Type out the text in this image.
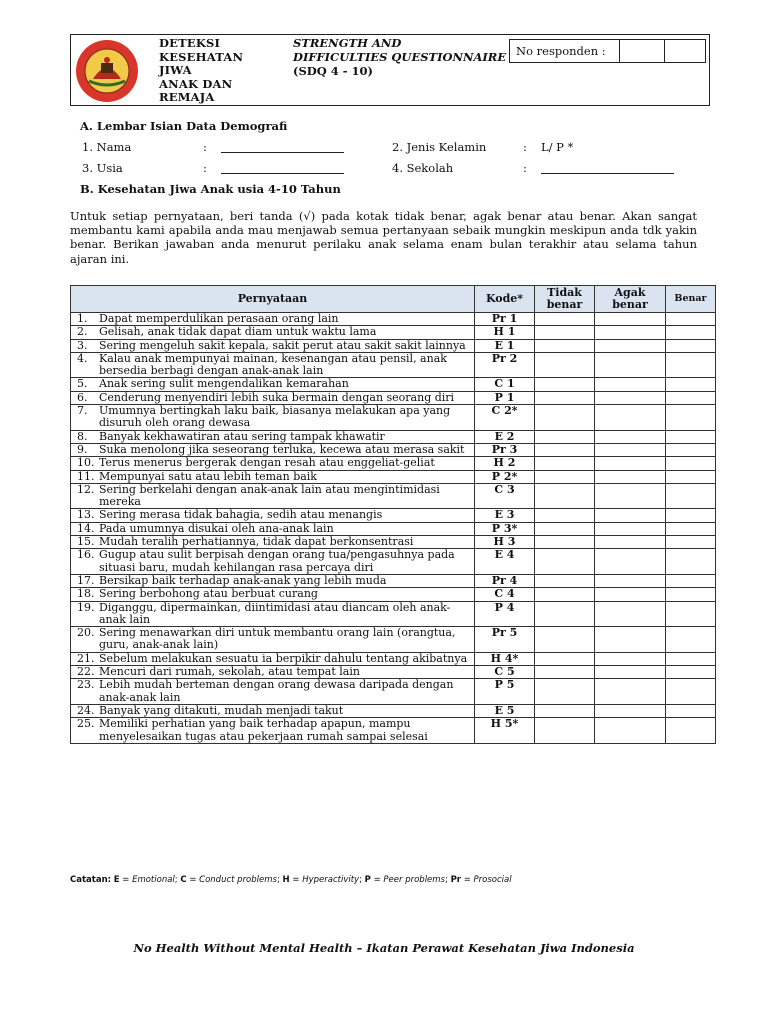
DETEKSI
KESEHATAN JIWA
ANAK DAN
REMAJA
STRENGTH AND
DIFFICULTIES QUESTIONNAIRE
(SDQ 4 - 10)
No responden :
A. Lembar Isian Data Demografi
1. Nama	:	2. Jenis Kelamin	: L/ P *
3. Usia	:	4. Sekolah	:
B. Kesehatan Jiwa Anak usia 4-10 Tahun
Untuk setiap pernyataan, beri tanda (√) pada kotak tidak benar, agak benar atau benar. Akan sangat membantu kami apabila anda mau menjawab semua pertanyaan sebaik mungkin meskipun anda tdk yakin benar. Berikan jawaban anda menurut perilaku anak selama enam bulan terakhir atau selama tahun ajaran ini.
Pernyataan	Kode*	Tidak benar	Agak benar	Benar

1. Dapat memperdulikan perasaan orang lain	Pr 1			

2. Gelisah, anak tidak dapat diam untuk waktu lama	H 1			

3. Sering mengeluh sakit kepala, sakit perut atau sakit sakit lainnya	E 1			

4. Kalau anak mempunyai mainan, kesenangan atau pensil, anak bersedia berbagi dengan anak-anak lain	Pr 2			

5. Anak sering sulit mengendalikan kemarahan	C 1			

6. Cenderung menyendiri lebih suka bermain dengan seorang diri	P 1			

7. Umumnya bertingkah laku baik, biasanya melakukan apa yang disuruh oleh orang dewasa	C 2*			

8. Banyak kekhawatiran atau sering tampak khawatir	E 2			

9. Suka menolong jika seseorang terluka, kecewa atau merasa sakit	Pr 3			

10. Terus menerus bergerak dengan resah atau enggeliat-geliat	H 2			

11. Mempunyai satu atau lebih teman baik	P 2*			

12. Sering berkelahi dengan anak-anak lain atau mengintimidasi mereka	C 3			

13. Sering merasa tidak bahagia, sedih atau menangis	E 3			

14. Pada umumnya disukai oleh ana-anak lain	P 3*			

15. Mudah teralih perhatiannya, tidak dapat berkonsentrasi	H 3			

16. Gugup atau sulit berpisah dengan orang tua/pengasuhnya pada situasi baru, mudah kehilangan rasa percaya diri	E 4			

17. Bersikap baik terhadap anak-anak yang lebih muda	Pr 4			

18. Sering berbohong atau berbuat curang	C 4			

19. Diganggu, dipermainkan, diintimidasi atau diancam oleh anak-anak lain	P 4			

20. Sering menawarkan diri untuk membantu orang lain (orangtua, guru, anak-anak lain)	Pr 5			

21. Sebelum melakukan sesuatu ia berpikir dahulu tentang akibatnya	H 4*			

22. Mencuri dari rumah, sekolah, atau tempat lain	C 5			

23. Lebih mudah berteman dengan orang dewasa daripada dengan anak-anak lain	P 5			

24. Banyak yang ditakuti, mudah menjadi takut	E 5			

25. Memiliki perhatian yang baik terhadap apapun, mampu menyelesaikan tugas atau pekerjaan rumah sampai selesai	H 5*			
Catatan: E = Emotional; C = Conduct problems; H = Hyperactivity; P = Peer problems; Pr = Prosocial
No Health Without Mental Health – Ikatan Perawat Kesehatan Jiwa Indonesia
